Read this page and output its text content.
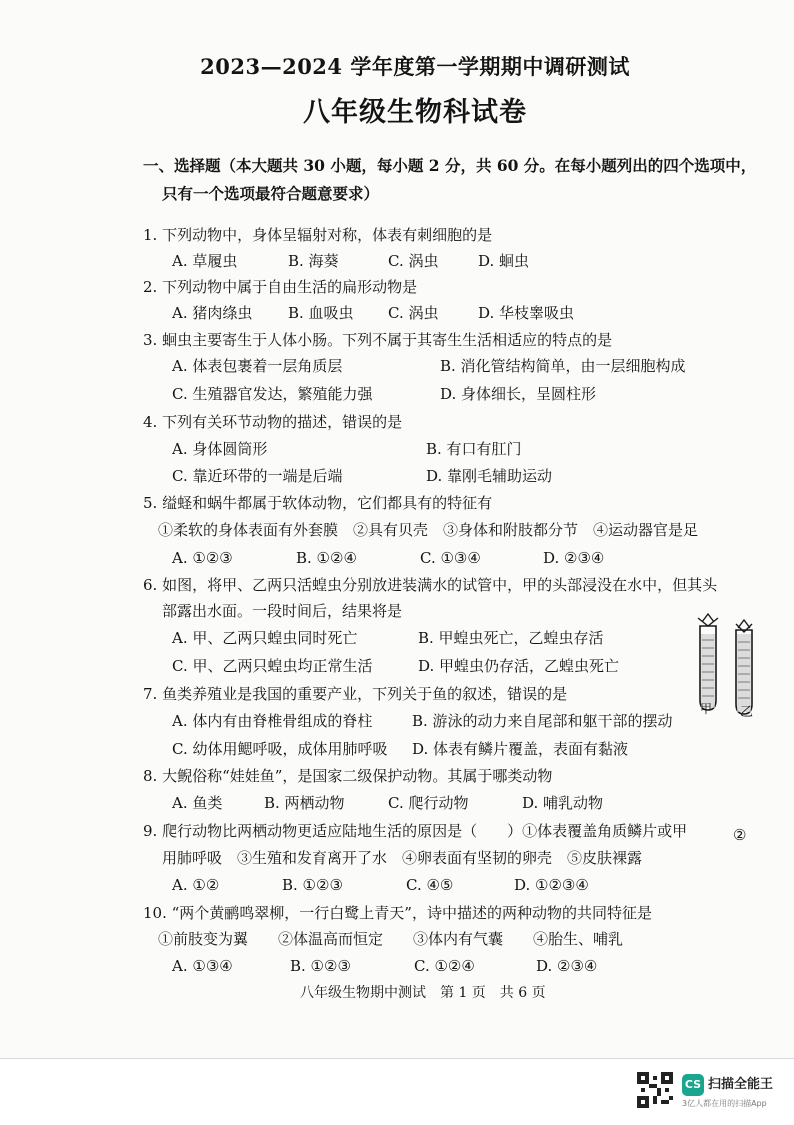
2023—2024 学年度第一学期期中调研测试
八年级生物科试卷
一、选择题（本大题共 30 小题，每小题 2 分，共 60 分。在每小题列出的四个选项中，
只有一个选项最符合题意要求）
1. 下列动物中，身体呈辐射对称，体表有刺细胞的是
A. 草履虫	B. 海葵	C. 涡虫	D. 蛔虫
2. 下列动物中属于自由生活的扁形动物是
A. 猪肉绦虫 B. 血吸虫 C. 涡虫	D. 华枝睾吸虫
3. 蛔虫主要寄生于人体小肠。下列不属于其寄生生活相适应的特点的是
A. 体表包裹着一层角质层	B. 消化管结构简单，由一层细胞构成
C. 生殖器官发达，繁殖能力强	D. 身体细长，呈圆柱形
4. 下列有关环节动物的描述，错误的是
A. 身体圆筒形	B. 有口有肛门
C. 靠近环带的一端是后端	D. 靠刚毛辅助运动
5. 缢蛏和蜗牛都属于软体动物，它们都具有的特征有
①柔软的身体表面有外套膜　②具有贝壳　③身体和附肢都分节　④运动器官是足
A. ①②③	B. ①②④	C. ①③④	D. ②③④
6. 如图，将甲、乙两只活蝗虫分别放进装满水的试管中，甲的头部浸没在水中，但其头
部露出水面。一段时间后，结果将是
A. 甲、乙两只蝗虫同时死亡	B. 甲蝗虫死亡，乙蝗虫存活
C. 甲、乙两只蝗虫均正常生活	D. 甲蝗虫仍存活，乙蝗虫死亡
7. 鱼类养殖业是我国的重要产业，下列关于鱼的叙述，错误的是
A. 体内有由脊椎骨组成的脊柱	B. 游泳的动力来自尾部和躯干部的摆动
C. 幼体用鳃呼吸，成体用肺呼吸 D. 体表有鳞片覆盖，表面有黏液
8. 大鲵俗称“娃娃鱼”，是国家二级保护动物。其属于哪类动物
A. 鱼类	B. 两栖动物	C. 爬行动物	D. 哺乳动物
9. 爬行动物比两栖动物更适应陆地生活的原因是（　　）①体表覆盖角质鳞片或甲
用肺呼吸　③生殖和发育离开了水　④卵表面有坚韧的卵壳　⑤皮肤裸露
A. ①②	B. ①②③	C. ④⑤	D. ①②③④
10. “两个黄鹂鸣翠柳，一行白鹭上青天”，诗中描述的两种动物的共同特征是
①前肢变为翼　　②体温高而恒定　　③体内有气囊　　④胎生、哺乳
A. ①③④	B. ①②③	C. ①②④	D. ②③④
②
甲 乙
八年级生物期中测试　第 1 页　共 6 页
CS 扫描全能王
3亿人都在用的扫描App
